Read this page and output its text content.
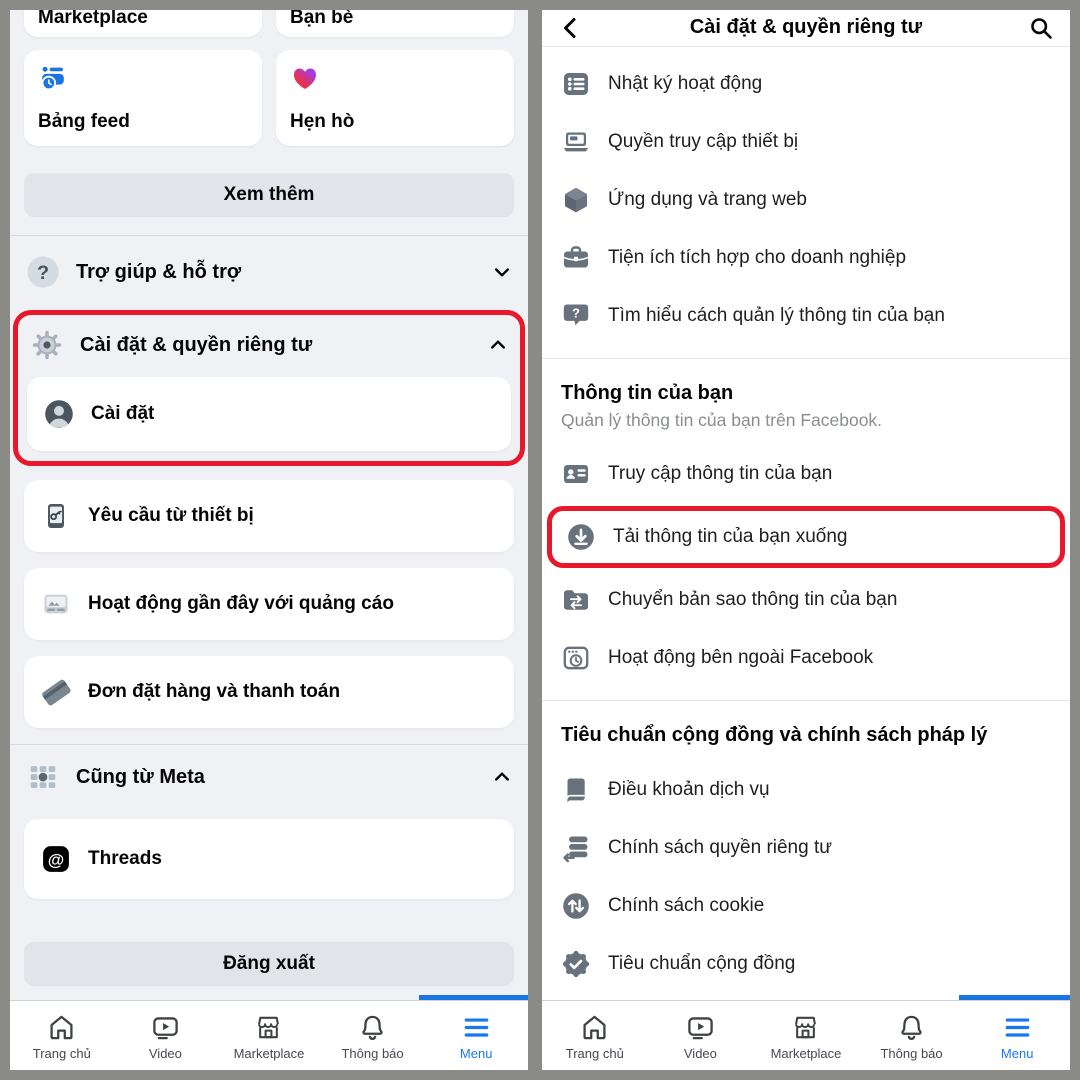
Marketplace	Bạn bè
Bảng feed	Hẹn hò
Xem thêm
? Trợ giúp & hỗ trợ
Cài đặt & quyền riêng tư
Cài đặt
Yêu cầu từ thiết bị
Hoạt động gần đây với quảng cáo
Đơn đặt hàng và thanh toán
Cũng từ Meta
@ Threads
Đăng xuất
Trang chủ	Video	Marketplace	Thông báo	Menu
Cài đặt & quyền riêng tư
Nhật ký hoạt động
Quyền truy cập thiết bị
Ứng dụng và trang web
Tiện ích tích hợp cho doanh nghiệp
? Tìm hiểu cách quản lý thông tin của bạn
Thông tin của bạn
Quản lý thông tin của bạn trên Facebook.
Truy cập thông tin của bạn
Tải thông tin của bạn xuống
Chuyển bản sao thông tin của bạn
Hoạt động bên ngoài Facebook
Tiêu chuẩn cộng đồng và chính sách pháp lý
Điều khoản dịch vụ
Chính sách quyền riêng tư
Chính sách cookie
Tiêu chuẩn cộng đồng
Trang chủ	Video	Marketplace	Thông báo	Menu
